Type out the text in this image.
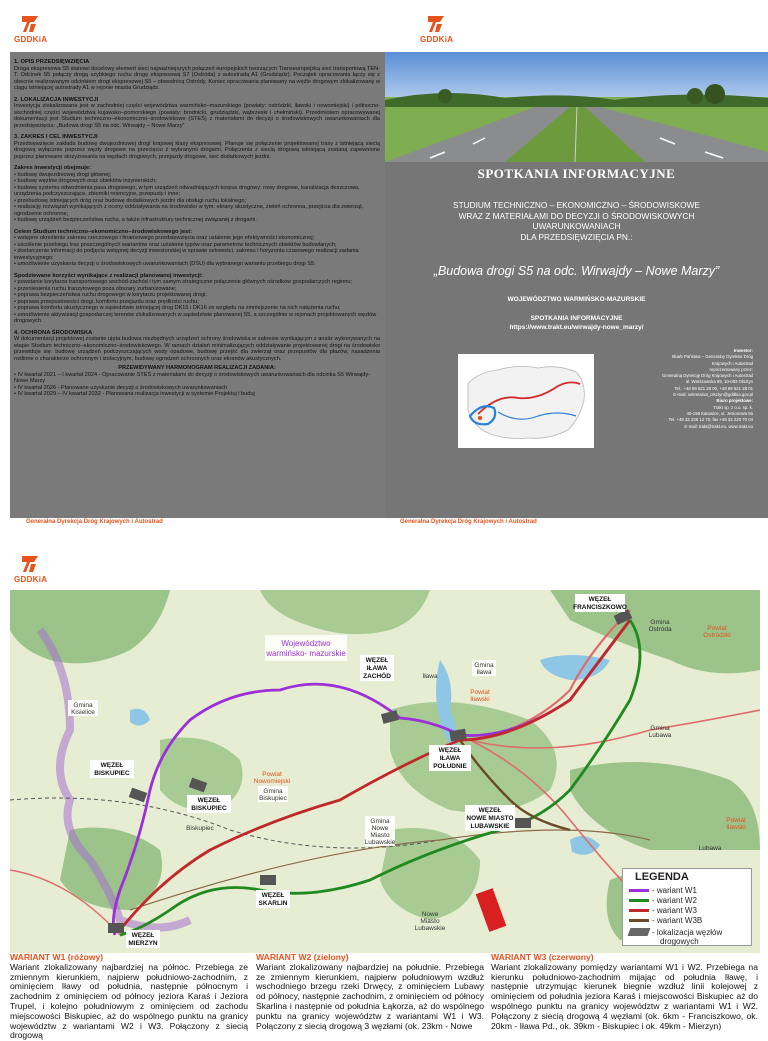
GDDKiA	GDDKiA
1. OPIS PRZEDSIĘWZIĘCIA

Droga ekspresowa S5 stanowi docelowy element sieci najważniejszych połączeń europejskich tworzących Transeuropejską sieć transportową TEN-T. Odcinek S5 połączy drogą szybkiego ruchu drogę ekspresową S7 (Ostróda) z autostradą A1 (Grudziądz). Początek opracowania łączy się z obecnie realizowanym odcinkiem drogi ekspresowej S5 – obwodnicą Ostródy. Koniec opracowania planowany na węźle drogowym zlokalizowany w ciągu istniejącej autostrady A1 w rejonie miasta Grudziądz.

2. LOKALIZACJA INWESTYCJI

Inwestycja zlokalizowana jest w zachodniej części województwa warmińsko–mazurskiego (powiaty: ostródzki, iławski i nowomiejski) i północno-wschodniej części województwa kujawsko–pomorskiego (powiaty: brodnicki, grudziądzki, wąbrzeski i chełmiński). Przedmiotem opracowywanej dokumentacji jest Studium techniczno–ekonomiczno–środowiskowe (STEŚ) z materiałami do decyzji o środowiskowych uwarunkowaniach dla przedsięwzięcia: „Budowa drogi S5 na odc. Wirwajdy – Nowe Marzy”

3. ZAKRES I CEL INWESTYCJI

Przedsięwzięcie zakłada budowę dwujezdniowej drogi krajowej klasy ekspresowej. Planuje się połączenie projektowanej trasy z istniejącą siecią drogową wyłącznie poprzez węzły drogowe na przecięciu z wybranymi drogami. Połączenia z siecią drogową istniejącą zostaną zapewnione poprzez planowane skrzyżowania na węzłach drogowych, przejazdy drogowe, sieć dodatkowych jezdni.

Zakres inwestycji obejmuje:
• budowę dwujezdniowej drogi głównej;
• budowę węzłów drogowych oraz obiektów inżynierskich;
• budowę systemu odwodnienia pasa drogowego, w tym urządzeń odwadniających korpus drogowy: rowy drogowe, kanalizacja deszczowa, urządzenia podczyszczające, zbiorniki retencyjne, przepusty i inne;
• przebudowę istniejących dróg oraz budowę dodatkowych jezdni dla obsługi ruchu lokalnego;
• realizację rozwiązań wynikających z oceny oddziaływania na środowisko w tym: ekrany akustyczne, zieleń ochronna, przejścia dla zwierząt, ogrodzenie ochronne;
• budowę urządzeń bezpieczeństwa ruchu, a także infrastruktury technicznej związanej z drogami.
Celem Studium techniczno–ekonomiczno–środowiskowego jest:
• wstępne określenie zakresu rzeczowego i finansowego przedsięwzięcia oraz ustalenie jego efektywności ekonomicznej;
• uściślenie przebiegu tras poszczególnych wariantów oraz ustalenie typów oraz parametrów technicznych obiektów budowlanych;
• dostarczenie informacji do podjęcia wstępnej decyzji inwestorskiej w sprawie celowości, zakresu i horyzontu czasowego realizacji zadania inwestycyjnego;
• umożliwienie uzyskania decyzji o środowiskowych uwarunkowaniach (DŚU) dla wybranego wariantu przebiegu drogi S5.
Spodziewane korzyści wynikające z realizacji planowanej inwestycji:
• powstanie korytarza transportowego wschód-zachód i tym samym strategiczne połączenie głównych ośrodków gospodarczych regionu;
• przeniesienia ruchu tranzytowego poza obszary zurbanizowane;
• poprawa bezpieczeństwa ruchu drogowego w korytarzu projektowanej drogi;
• poprawa przepustowości drogi, komfortu przejazdu oraz prędkości ruchu;
• poprawa komfortu akustycznego w sąsiedztwie istniejącej drog DK15 i DK16 ze względu na zmniejszenie na nich natężenia ruchu;
• umożliwienie aktywizacji gospodarczej terenów zlokalizowanych w sąsiedztwie planowanej S5, a szczególnie w rejonach projektowanych węzłów drogowych.
4. OCHRONA ŚRODOWISKA

W dokumentacji projektowej zostanie ujęta budowa niezbędnych urządzeń ochrony środowiska w zakresie wynikającym z analiz wykonywanych na etapie Studium techniczno–ekonomiczno–środowiskowego. W ramach działań minimalizujących oddziaływanie projektowanej drogi na środowisko przewiduje się: budowę urządzeń podczyszczających wody opadowe, budowę przejść dla zwierząt oraz przepustów dla płazów, nasadzenia roślinne o charakterze ochronnym i izolacyjnym, budowę ogrodzeń ochronnych oraz ekranów akustycznych.

PRZEWIDYWANY HARMONOGRAM REALIZACJI ZADANIA:
• IV kwartał 2021 – I kwartał 2024 - Opracowanie STEŚ z materiałami do decyzji o środowiskowych uwarunkowaniach dla odcinka S5 Wirwajdy- Nowe Marzy
• IV kwartał 2026 - Planowane uzyskanie decyzji o środowiskowych uwarunkowaniach
• IV kwartał 2029 – IV kwartał 2032 - Planowana realizacja inwestycji w systemie Projektuj i buduj
Generalna Dyrekcja Dróg Krajowych i Autostrad
SPOTKANIA INFORMACYJNE
STUDIUM TECHNICZNO – EKONOMICZNO – ŚRODOWISKOWE
WRAZ Z MATERIAŁAMI DO DECYZJI O ŚRODOWISKOWYCH
UWARUNKOWANIACH
DLA PRZEDSIĘWZIĘCIA PN.:
„Budowa drogi S5 na odc. Wirwajdy – Nowe Marzy”
WOJEWÓDZTWO WARMIŃSKO-MAZURSKIE
SPOTKANIA INFORMACYJNE
https://www.trakt.eu/wirwajdy-nowe_marzy/
Inwestor:
Skarb Państwa – Generalny Dyrektor Dróg
Krajowych i Autostrad
reprezentowany przez:
Generalną Dyrekcję Dróg Krajowych i Autostrad
al. Warszawska 89, 10-083 Olsztyn
Tel.: +48 89 521 28 00, +48 89 521 28 01
E-mail: sekretariat_olsztyn@gddkia.gov.pl
Biuro projektowe:
Trakt sp. z o.o. sp. k.
40-159 Katowice, ul. Jesionowa 9a
Tel. +48 32 228 12 70, fax +48 32 220 70 04
E-mail: trakt@trakt.eu, www.trakt.eu
Generalna Dyrekcja Dróg Krajowych i Autostrad
GDDKiA
Województwo
warmińsko- mazurskie
WĘZEŁ
FRANCISZKOWO
WĘZEŁ
IŁAWA
ZACHÓD
WĘZEŁ
IŁAWA
POŁUDNIE
WĘZEŁ
BISKUPIEC
WĘZEŁ
BISKUPIEC	WĘZEŁ
NOWE MIASTO
LUBAWSKIE
WĘZEŁ
SKARLIN
WĘZEŁ
MIERZYN
Gmina
Iława
Gmina
Kisielice
Powiat
Iławski
Powiat
Nowomiejski
Gmina
Biskupiec
Biskupiec
Gmina
Nowe
Miasto
Lubawskie
Nowe
Miasto
Lubawskie
Powiat
Ostródzki
Gmina
Ostróda
Gmina
Lubawa
Powiat
Iławski
Lubawa
Iława
LEGENDA
- wariant W1
- wariant W2
- wariant W3
- wariant W3B
- lokalizacja węzłów
drogowych
WARIANT W1 (różowy)
Wariant zlokalizowany najbardziej na północ. Przebiega ze zmiennym kierunkiem, najpierw południowo-zachodnim, z ominięciem Iławy od południa, następnie północnym i zachodnim z ominięciem od północy jeziora Karaś i Jeziora Trupel, i kolejno południowym z ominięciem od zachodu miejscowości Biskupiec, aż do wspólnego punktu na granicy województw z wariantami W2 i W3. Połączony z siecią drogową
WARIANT W2 (zielony)
Wariant zlokalizowany najbardziej na południe. Przebiega ze zmiennym kierunkiem, najpierw południowym wzdłuż wschodniego brzegu rzeki Drwęcy, z ominięciem Lubawy od północy, następnie zachodnim, z ominięciem od północy Skarlina i następnie od południa Łąkorza, aż do wspólnego punktu na granicy województw z wariantami W1 i W3. Połączony z siecią drogową 3 węzłami (ok. 23km - Nowe
WARIANT W3 (czerwony)
Wariant zlokalizowany pomiędzy wariantami W1 i W2. Przebiega na kierunku południowo-zachodnim mijając od południa Iławę, i następnie utrzymując kierunek biegnie wzdłuż linii kolejowej z ominięciem od południa jeziora Karaś i miejscowości Biskupiec aż do wspólnego punktu na granicy województw z wariantami W1 i W2. Połączony z siecią drogową 4 węzłami (ok. 6km - Franciszkowo, ok. 20km - Iława Pd., ok. 39km - Biskupiec i ok. 49km - Mierzyn)
